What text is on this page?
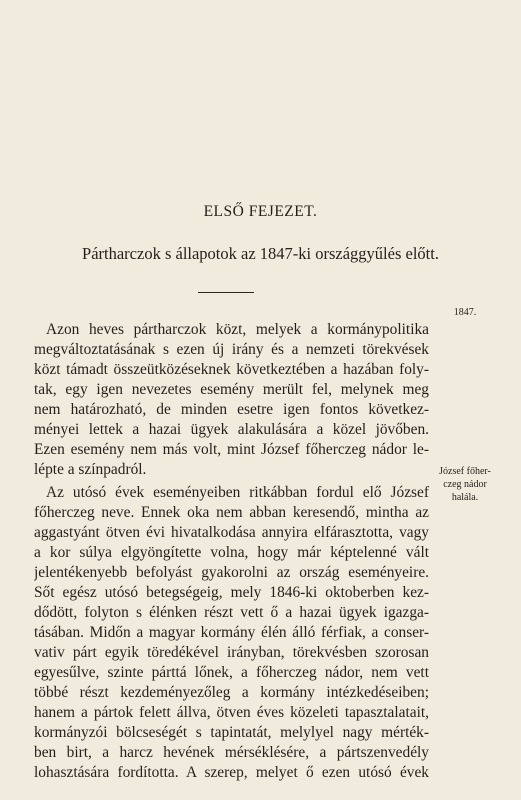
ELSŐ FEJEZET.
Pártharczok s állapotok az 1847-ki országgyűlés előtt.
1847.
József főher-
czeg nádor
halála.
Azon heves pártharczok közt, melyek a kormánypolitika
megváltoztatásának s ezen új irány és a nemzeti törekvések
közt támadt összeütközéseknek következtében a hazában foly-
tak, egy igen nevezetes esemény merült fel, melynek meg
nem határozható, de minden esetre igen fontos következ-
ményei lettek a hazai ügyek alakulására a közel jövőben.
Ezen esemény nem más volt, mint József főherczeg nádor le-
lépte a színpadról.
Az utósó évek eseményeiben ritkábban fordul elő József
főherczeg neve. Ennek oka nem abban keresendő, mintha az
aggastyánt ötven évi hivatalkodása annyira elfárasztotta, vagy
a kor súlya elgyöngítette volna, hogy már képtelenné vált
jelentékenyebb befolyást gyakorolni az ország eseményeire.
Sőt egész utósó betegségeig, mely 1846-ki oktoberben kez-
dődött, folyton s élénken részt vett ő a hazai ügyek igazga-
tásában. Midőn a magyar kormány élén álló férfiak, a conser-
vativ párt egyik töredékével irányban, törekvésben szorosan
egyesűlve, szinte párttá lőnek, a főherczeg nádor, nem vett
többé részt kezdeményezőleg a kormány intézkedéseiben;
hanem a pártok felett állva, ötven éves közeleti tapasztalatait,
kormányzói bölcseségét s tapintatát, melylyel nagy mérték-
ben birt, a harcz hevének mérséklésére, a pártszenvedély
lohasztására fordította. A szerep, melyet ő ezen utósó évek
